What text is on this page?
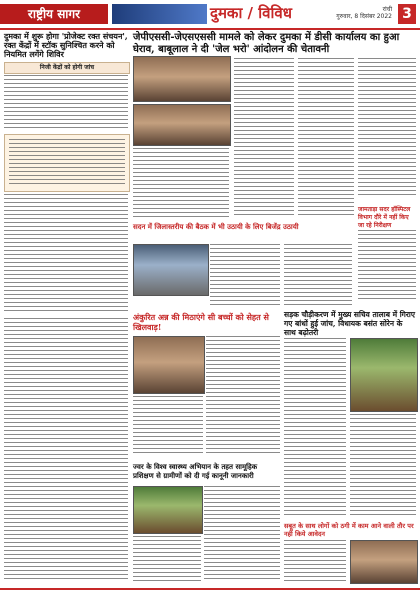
राष्ट्रीय सागर	दुमका / विविध	रांची
गुरुवार, 8 दिसंबर 2022 3
दुमका में शुरू होगा 'प्रोजेक्ट रक्त संचयन', रक्त केंद्रों में स्टॉक सुनिश्चित करने को नियमित लगेंगे शिविर
निजी केंद्रों को होगी जांच
जेपीएससी-जेएसएससी मामले को लेकर दुमका में डीसी कार्यालय का हुआ घेराव, बाबूलाल ने दी 'जेल भरो' आंदोलन की चेतावनी
सदन में जिलास्तरीय की बैठक में भी उठायी के लिए बिजेंद्र उठायी
जामताड़ा सदर हॉस्पिटल विभाग दौरे में नहीं किए जा रहे निरीक्षण
सड़क चौड़ीकरण में मुख्य सचिव तालाब में गिराए गए बांधों हुई जांच, विधायक बसंत सोरेन के साथ बढ़ोतरी
अंकुरित अन्न की मिठाएंगे सी बच्चों को सेहत से खिलवाड़!
ज्वर के विश्व स्वास्थ्य अभियान के तहत सामूहिक प्रशिक्षण से ग्रामीणों को दी गई कानूनी जानकारी
सबूत के साथ लोगों को ठगी में काम आने वाली तौर पर नहीं किये आवेदन
